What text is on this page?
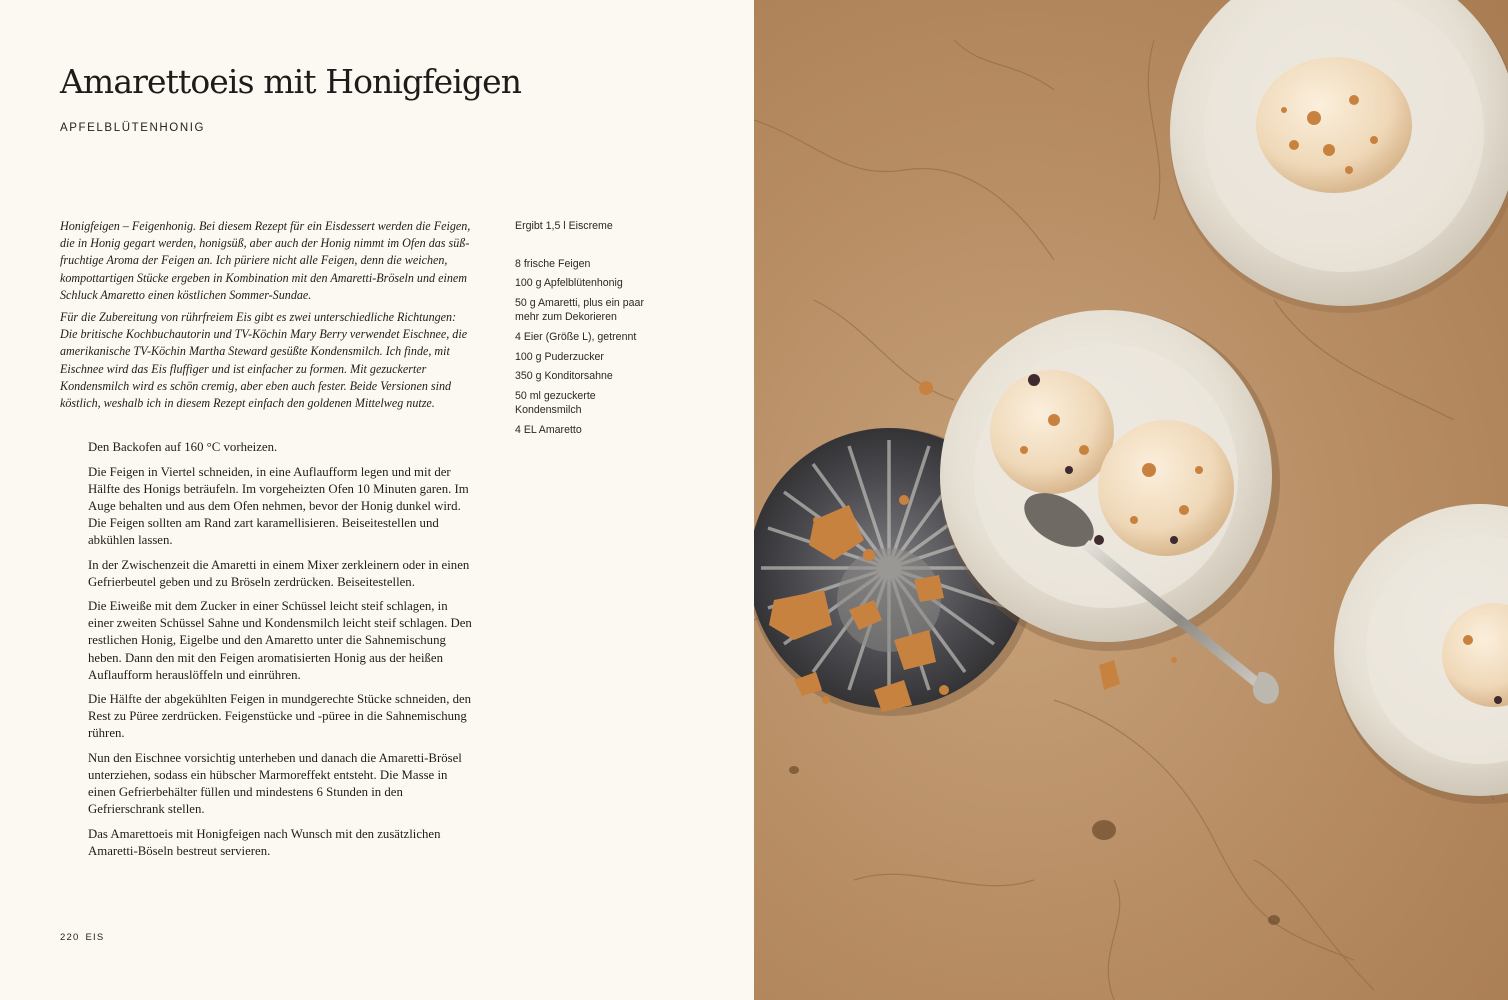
Amarettoeis mit Honigfeigen
APFELBLÜTENHONIG

Honigfeigen – Feigenhonig. Bei diesem Rezept für ein Eisdessert werden die Feigen, die in Honig gegart werden, honigsüß, aber auch der Honig nimmt im Ofen das süß-fruchtige Aroma der Feigen an. Ich püriere nicht alle Feigen, denn die weichen, kompottartigen Stücke ergeben in Kombination mit den Amaretti-Bröseln und einem Schluck Amaretto einen köstlichen Sommer-Sundae.

Für die Zubereitung von rührfreiem Eis gibt es zwei unterschiedliche Richtungen: Die britische Kochbuchautorin und TV-Köchin Mary Berry verwendet Eischnee, die amerikanische TV-Köchin Martha Steward gesüßte Kondensmilch. Ich finde, mit Eischnee wird das Eis fluffiger und ist einfacher zu formen. Mit gezuckerter Kondensmilch wird es schön cremig, aber eben auch fester. Beide Versionen sind köstlich, weshalb ich in diesem Rezept einfach den goldenen Mittelweg nutze.

Den Backofen auf 160 °C vorheizen.

Die Feigen in Viertel schneiden, in eine Auflaufform legen und mit der Hälfte des Honigs beträufeln. Im vorgeheizten Ofen 10 Minuten garen. Im Auge behalten und aus dem Ofen nehmen, bevor der Honig dunkel wird. Die Feigen sollten am Rand zart karamellisieren. Beiseitestellen und abkühlen lassen.

In der Zwischenzeit die Amaretti in einem Mixer zerkleinern oder in einen Gefrierbeutel geben und zu Bröseln zerdrücken. Beiseitestellen.

Die Eiweiße mit dem Zucker in einer Schüssel leicht steif schlagen, in einer zweiten Schüssel Sahne und Kondensmilch leicht steif schlagen. Den restlichen Honig, Eigelbe und den Amaretto unter die Sahnemischung heben. Dann den mit den Feigen aromatisierten Honig aus der heißen Auflaufform herauslöffeln und einrühren.

Die Hälfte der abgekühlten Feigen in mundgerechte Stücke schneiden, den Rest zu Püree zerdrücken. Feigenstücke und -püree in die Sahnemischung rühren.

Nun den Eischnee vorsichtig unterheben und danach die Amaretti-Brösel unterziehen, sodass ein hübscher Marmoreffekt entsteht. Die Masse in einen Gefrierbehälter füllen und mindestens 6 Stunden in den Gefrierschrank stellen.

Das Amarettoeis mit Honigfeigen nach Wunsch mit den zusätzlichen Amaretti-Böseln bestreut servieren.

Ergibt 1,5 l Eiscreme
8 frische Feigen
100 g Apfelblütenhonig
50 g Amaretti, plus ein paar mehr zum Dekorieren
4 Eier (Größe L), getrennt
100 g Puderzucker
350 g Konditorsahne
50 ml gezuckerte Kondensmilch
4 EL Amaretto
220 EIS
